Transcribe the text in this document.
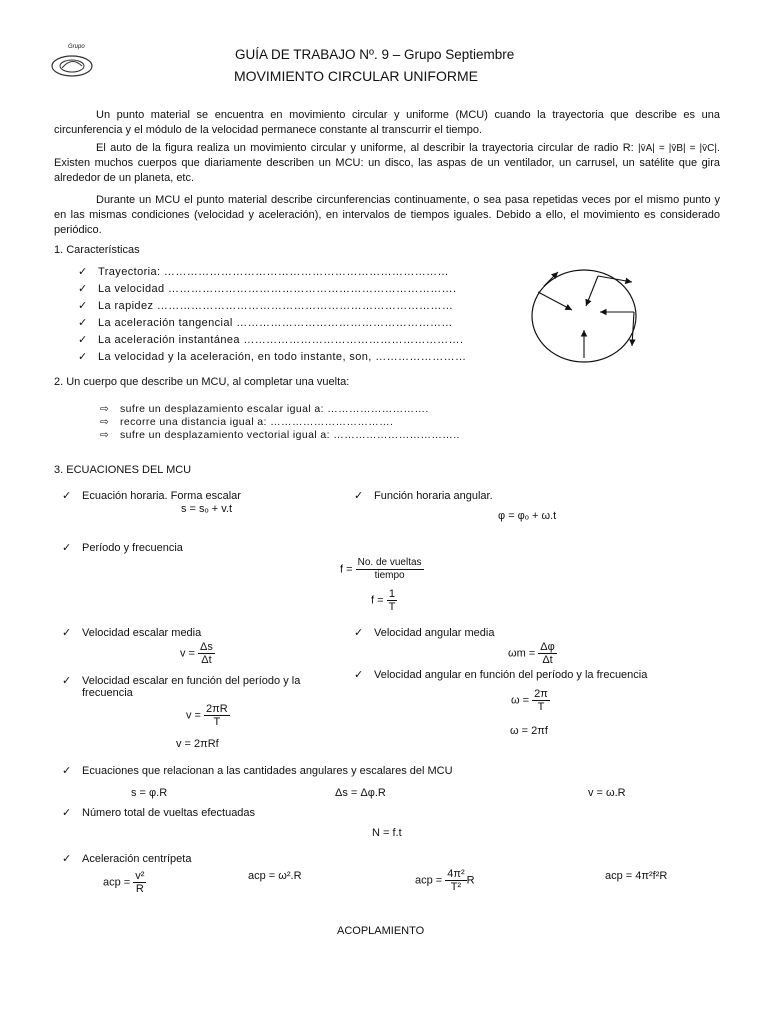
Grupo	GUÍA DE TRABAJO Nº. 9 – Grupo Septiembre
MOVIMIENTO CIRCULAR UNIFORME
Un punto material se encuentra en movimiento circular y uniforme (MCU) cuando la trayectoria que describe es una circunferencia y el módulo de la velocidad permanece constante al transcurrir el tiempo.
El auto de la figura realiza un movimiento circular y uniforme, al describir la trayectoria circular de radio R: |v̄A| = |v̄B| = |v̄C|. Existen muchos cuerpos que diariamente describen un MCU: un disco, las aspas de un ventilador, un carrusel, un satélite que gira alrededor de un planeta, etc.
Durante un MCU el punto material describe circunferencias continuamente, o sea pasa repetidas veces por el mismo punto y en las mismas condiciones (velocidad y aceleración), en intervalos de tiempos iguales. Debido a ello, el movimiento es considerado periódico.
1. Características
✓ Trayectoria: …………………………………………………………………
✓ La velocidad ………………………………………………………………….
✓ La rapidez ……………………………………………………………………
✓ La aceleración tangencial …………………………………………………
✓ La aceleración instantánea ………………………………………………….
✓ La velocidad y la aceleración, en todo instante, son, ……………………
2. Un cuerpo que describe un MCU, al completar una vuelta:
⇨ sufre un desplazamiento escalar igual a: ……………………….
⇨ recorre una distancia igual a: …………………………….
⇨ sufre un desplazamiento vectorial igual a: ……………………………..
3. ECUACIONES DEL MCU
✓ Ecuación horaria. Forma escalar
s = sₒ + v.t
✓ Función horaria angular.
φ = φₒ + ω.t
✓ Período y frecuencia
$f = \frac{\text{No. de vueltas}}{\text{tiempo}}$
$f = \frac{1}{T}$
✓ Velocidad escalar media
$v = \frac{\Delta s}{\Delta t}$
✓ Velocidad angular media
$\omega m = \frac{\Delta\varphi}{\Delta t}$
✓ Velocidad escalar en función del período y la
frecuencia
$v = \frac{2\pi R}{T}$
v = 2πRf
✓ Velocidad angular en función del período y la frecuencia
$\omega = \frac{2\pi}{T}$
ω = 2πf
✓ Ecuaciones que relacionan a las cantidades angulares y escalares del MCU
s = φ.R	Δs = Δφ.R	v = ω.R
✓ Número total de vueltas efectuadas
N = f.t
✓ Aceleración centrípeta
acp = $\frac{\text{v²}}{R}$	acp = ω².R	acp = $\frac{\text{4π²}}{\text{T²}}$ R	acp = 4π²f²R
ACOPLAMIENTO
